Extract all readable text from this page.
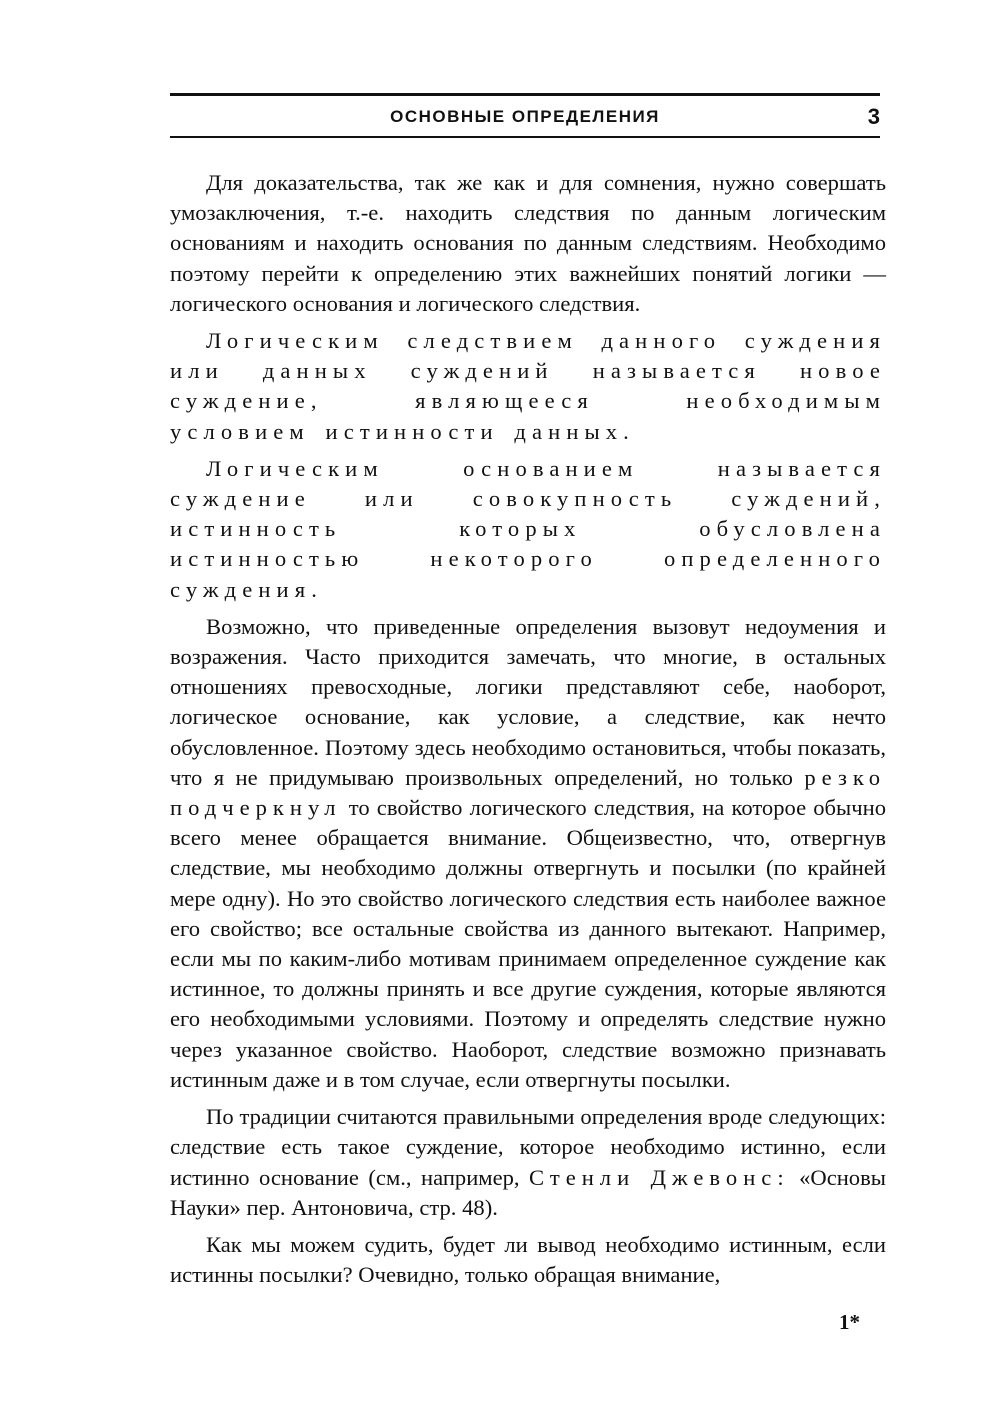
ОСНОВНЫЕ ОПРЕДЕЛЕНИЯ	3

Для доказательства, так же как и для сомнения, нужно совершать умозаключения, т.-е. находить следствия по данным логическим основаниям и находить основания по данным следствиям. Необходимо поэтому перейти к определению этих важнейших понятий логики — логического основания и логического следствия.

Логическим следствием данного суждения или данных суждений называется новое суждение, являющееся необходимым условием истинности данных.

Логическим основанием называется суждение или совокупность суждений, истинность которых обусловлена истинностью некоторого определенного суждения.

Возможно, что приведенные определения вызовут недоумения и возражения. Часто приходится замечать, что многие, в остальных отношениях превосходные, логики представляют себе, наоборот, логическое основание, как условие, а следствие, как нечто обусловленное. Поэтому здесь необходимо остановиться, чтобы показать, что я не придумываю произвольных определений, но только резко подчеркнул то свойство логического следствия, на которое обычно всего менее обращается внимание. Общеизвестно, что, отвергнув следствие, мы необходимо должны отвергнуть и посылки (по крайней мере одну). Но это свойство логического следствия есть наиболее важное его свойство; все остальные свойства из данного вытекают. Например, если мы по каким-либо мотивам принимаем определенное суждение как истинное, то должны принять и все другие суждения, которые являются его необходимыми условиями. Поэтому и определять следствие нужно через указанное свойство. Наоборот, следствие возможно признавать истинным даже и в том случае, если отвергнуты посылки.

По традиции считаются правильными определения вроде следующих: следствие есть такое суждение, которое необходимо истинно, если истинно основание (см., например, Стенли Джевонс: «Основы Науки» пер. Антоновича, стр. 48).

Как мы можем судить, будет ли вывод необходимо истинным, если истинны посылки? Очевидно, только обращая внимание,

1*
